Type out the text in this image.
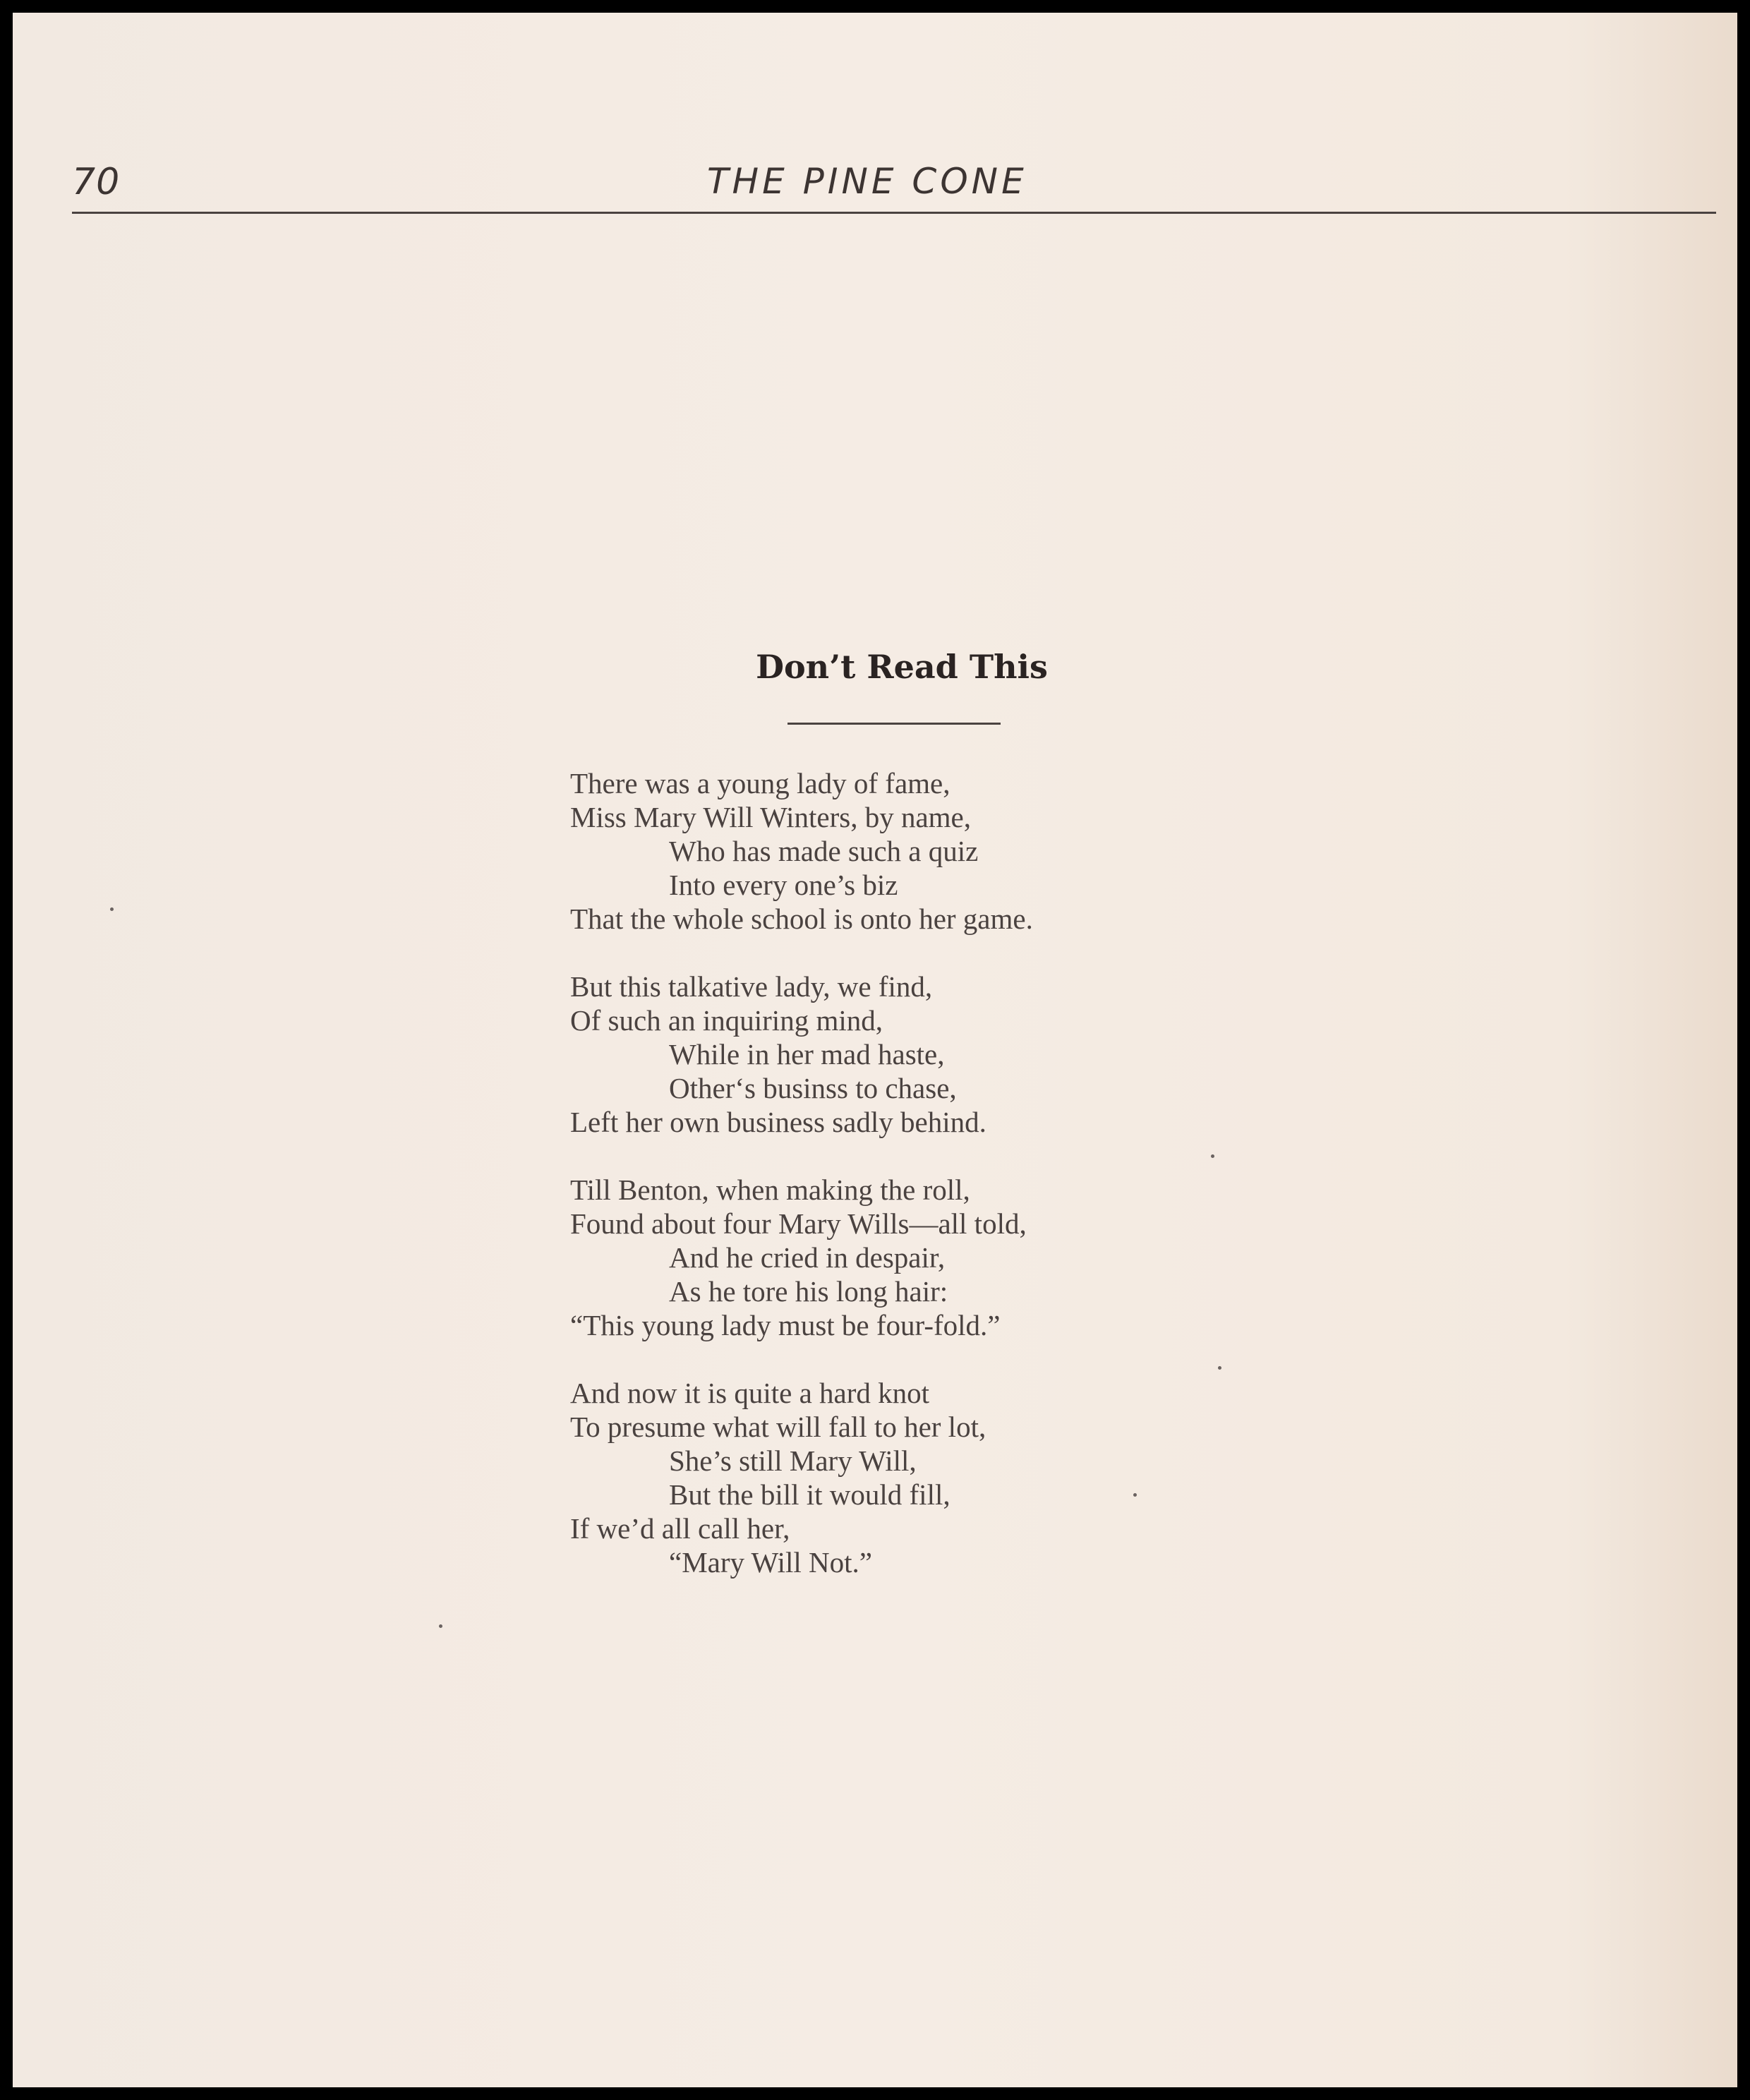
70	THE PINE CONE
Don’t Read This
There was a young lady of fame,
Miss Mary Will Winters, by name,
Who has made such a quiz
Into every one’s biz
That the whole school is onto her game.
But this talkative lady, we find,
Of such an inquiring mind,
While in her mad haste,
Other‘s businss to chase,
Left her own business sadly behind.
Till Benton, when making the roll,
Found about four Mary Wills—all told,
And he cried in despair,
As he tore his long hair:
“This young lady must be four-fold.”
And now it is quite a hard knot
To presume what will fall to her lot,
She’s still Mary Will,
But the bill it would fill,
If we’d all call her,
“Mary Will Not.”
